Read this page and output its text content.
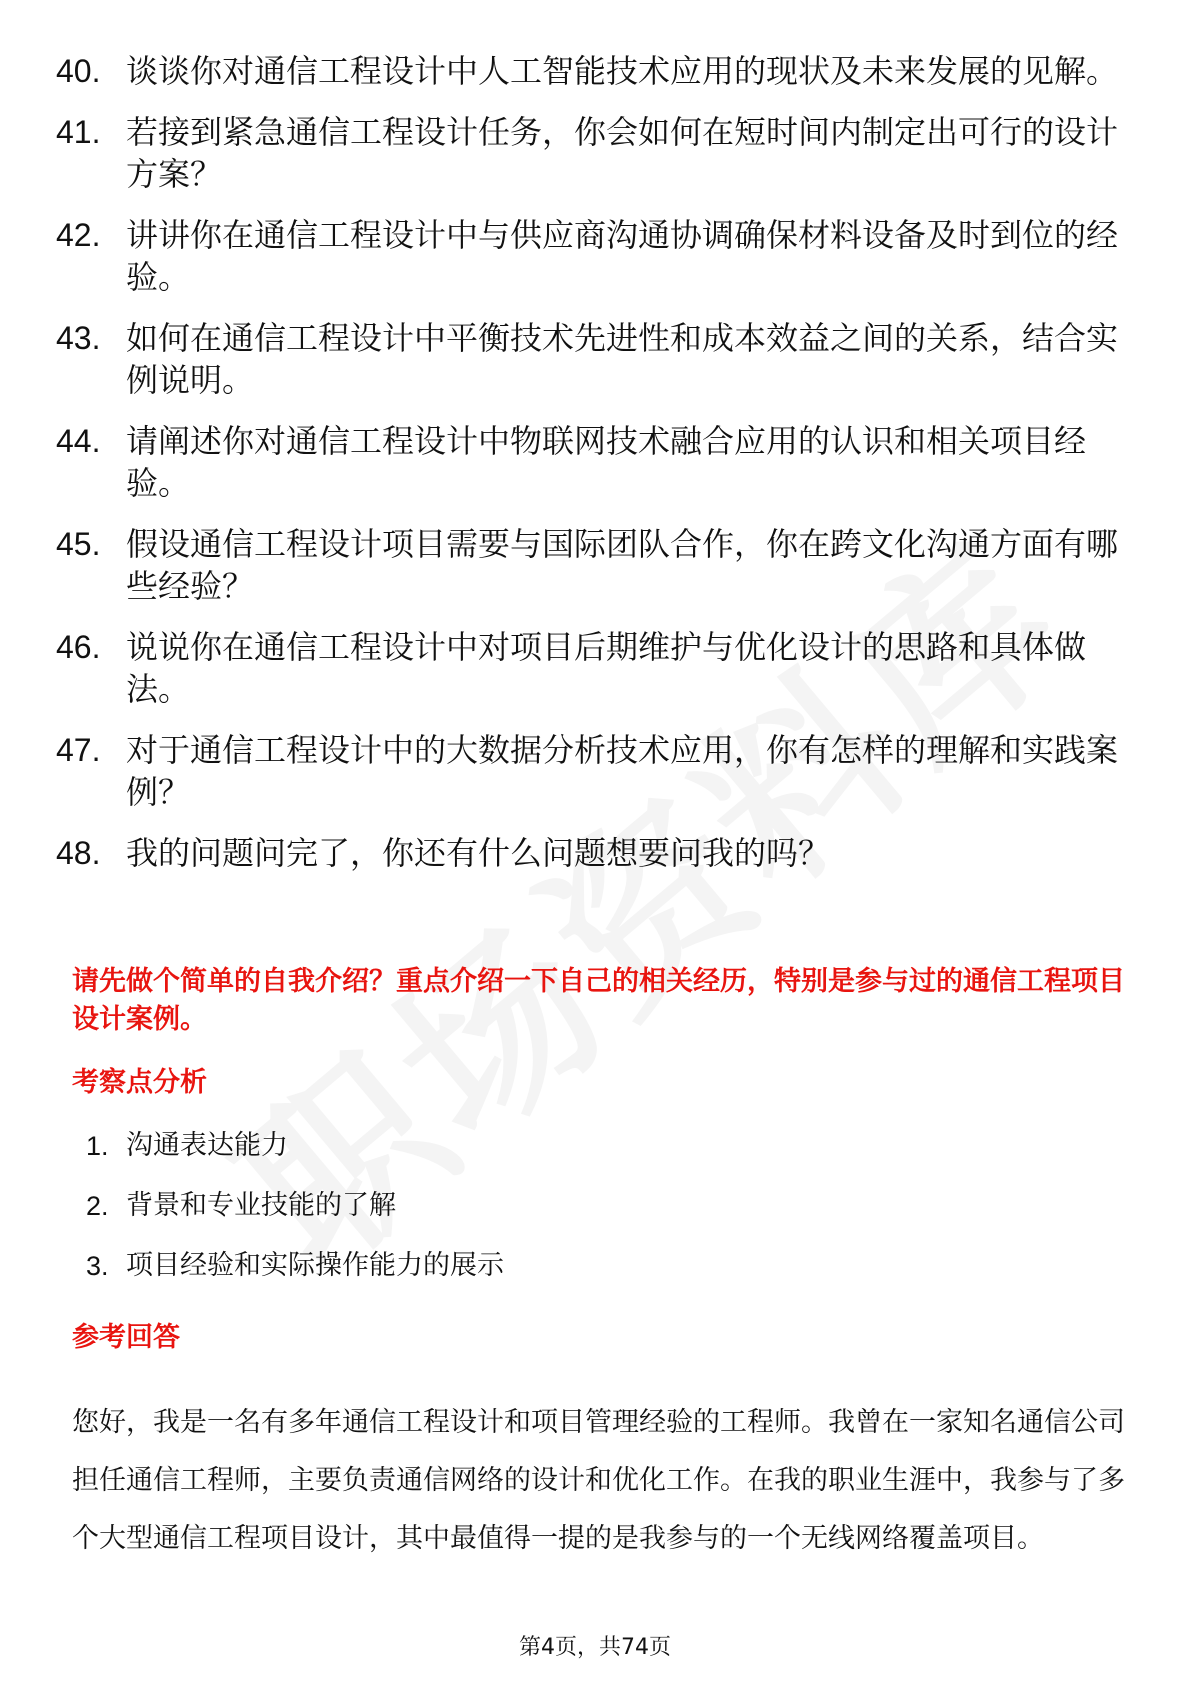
40. 谈谈你对通信工程设计中人工智能技术应用的现状及未来发展的见解。
41. 若接到紧急通信工程设计任务，你会如何在短时间内制定出可行的设计方案？
42. 讲讲你在通信工程设计中与供应商沟通协调确保材料设备及时到位的经验。
43. 如何在通信工程设计中平衡技术先进性和成本效益之间的关系，结合实例说明。
44. 请阐述你对通信工程设计中物联网技术融合应用的认识和相关项目经验。
45. 假设通信工程设计项目需要与国际团队合作，你在跨文化沟通方面有哪些经验？
46. 说说你在通信工程设计中对项目后期维护与优化设计的思路和具体做法。
47. 对于通信工程设计中的大数据分析技术应用，你有怎样的理解和实践案例？
48. 我的问题问完了，你还有什么问题想要问我的吗？
请先做个简单的自我介绍？重点介绍一下自己的相关经历，特别是参与过的通信工程项目设计案例。
考察点分析
1. 沟通表达能力
2. 背景和专业技能的了解
3. 项目经验和实际操作能力的展示
参考回答
您好，我是一名有多年通信工程设计和项目管理经验的工程师。我曾在一家知名通信公司担任通信工程师，主要负责通信网络的设计和优化工作。在我的职业生涯中，我参与了多个大型通信工程项目设计，其中最值得一提的是我参与的一个无线网络覆盖项目。
第4页，共74页
